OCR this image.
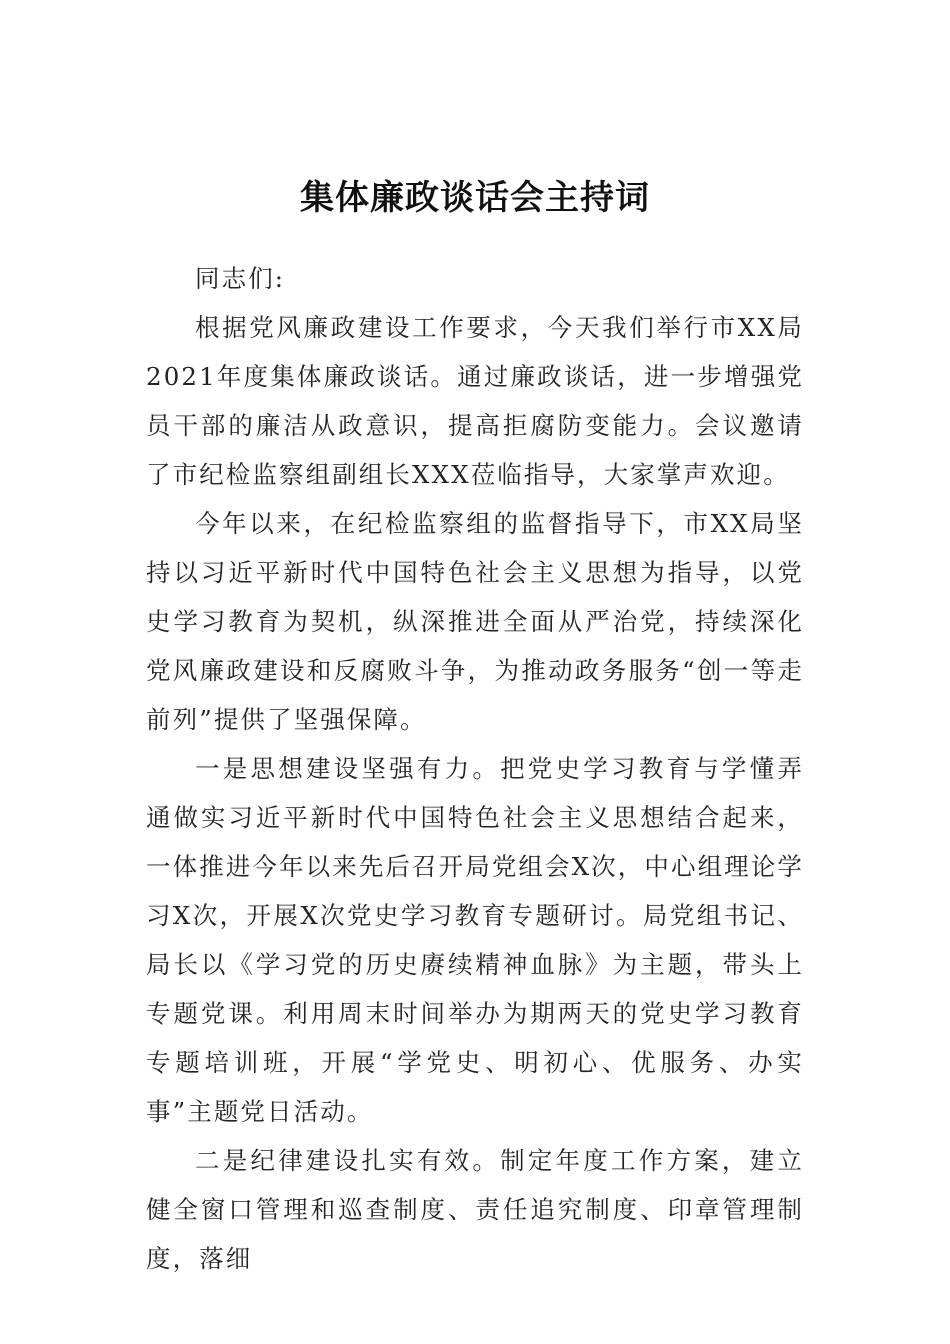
集体廉政谈话会主持词

同志们:

根据党风廉政建设工作要求，今天我们举行市XX局2021年度集体廉政谈话。通过廉政谈话，进一步增强党员干部的廉洁从政意识，提高拒腐防变能力。会议邀请了市纪检监察组副组长XXX莅临指导，大家掌声欢迎。

今年以来，在纪检监察组的监督指导下，市XX局坚持以习近平新时代中国特色社会主义思想为指导，以党史学习教育为契机，纵深推进全面从严治党，持续深化党风廉政建设和反腐败斗争，为推动政务服务“创一等走前列”提供了坚强保障。

一是思想建设坚强有力。把党史学习教育与学懂弄通做实习近平新时代中国特色社会主义思想结合起来，一体推进今年以来先后召开局党组会X次，中心组理论学习X次，开展X次党史学习教育专题研讨。局党组书记、局长以《学习党的历史赓续精神血脉》为主题，带头上专题党课。利用周末时间举办为期两天的党史学习教育专题培训班，开展“学党史、明初心、优服务、办实事”主题党日活动。

二是纪律建设扎实有效。制定年度工作方案，建立健全窗口管理和巡查制度、责任追究制度、印章管理制度，落细
